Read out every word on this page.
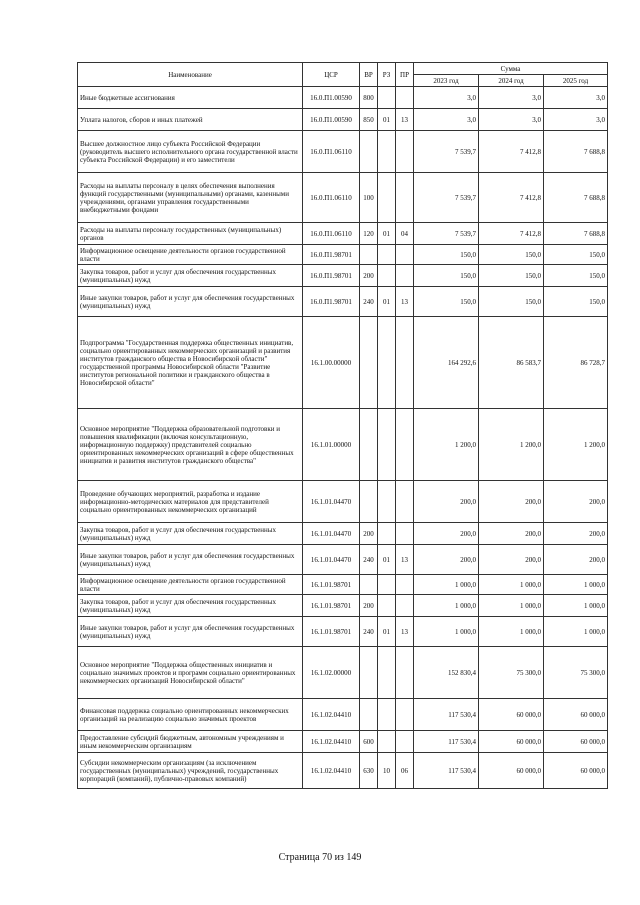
Наименование	ЦСР	ВР	РЗ	ПР	Сумма		
					2023 год	2024 год	2025 год
Иные бюджетные ассигнования	16.0.П1.00590	800			3,0	3,0	3,0
Уплата налогов, сборов и иных платежей	16.0.П1.00590	850	01	13	3,0	3,0	3,0
Высшее должностное лицо субъекта Российской Федерации (руководитель высшего исполнительного органа государственной власти субъекта Российской Федерации) и его заместители	16.0.П1.06110				7 539,7	7 412,8	7 688,8
Расходы на выплаты персоналу в целях обеспечения выполнения функций государственными (муниципальными) органами, казенными учреждениями, органами управления государственными внебюджетными фондами	16.0.П1.06110	100			7 539,7	7 412,8	7 688,8
Расходы на выплаты персоналу государственных (муниципальных) органов	16.0.П1.06110	120	01	04	7 539,7	7 412,8	7 688,8
Информационное освещение деятельности органов государственной власти	16.0.П1.98701				150,0	150,0	150,0
Закупка товаров, работ и услуг для обеспечения государственных (муниципальных) нужд	16.0.П1.98701	200			150,0	150,0	150,0
Иные закупки товаров, работ и услуг для обеспечения государственных (муниципальных) нужд	16.0.П1.98701	240	01	13	150,0	150,0	150,0
Подпрограмма "Государственная поддержка общественных инициатив, социально ориентированных некоммерческих организаций и развития институтов гражданского общества в Новосибирской области" государственной программы Новосибирской области "Развитие институтов региональной политики и гражданского общества в Новосибирской области"	16.1.00.00000				164 292,6	86 583,7	86 728,7
Основное мероприятие "Поддержка образовательной подготовки и повышения квалификации (включая консультационную, информационную поддержку) представителей социально ориентированных некоммерческих организаций в сфере общественных инициатив и развития институтов гражданского общества"	16.1.01.00000				1 200,0	1 200,0	1 200,0
Проведение обучающих мероприятий, разработка и издание информационно-методических материалов для представителей социально ориентированных некоммерческих организаций	16.1.01.04470				200,0	200,0	200,0
Закупка товаров, работ и услуг для обеспечения государственных (муниципальных) нужд	16.1.01.04470	200			200,0	200,0	200,0
Иные закупки товаров, работ и услуг для обеспечения государственных (муниципальных) нужд	16.1.01.04470	240	01	13	200,0	200,0	200,0
Информационное освещение деятельности органов государственной власти	16.1.01.98701				1 000,0	1 000,0	1 000,0
Закупка товаров, работ и услуг для обеспечения государственных (муниципальных) нужд	16.1.01.98701	200			1 000,0	1 000,0	1 000,0
Иные закупки товаров, работ и услуг для обеспечения государственных (муниципальных) нужд	16.1.01.98701	240	01	13	1 000,0	1 000,0	1 000,0
Основное мероприятие "Поддержка общественных инициатив и социально значимых проектов и программ социально ориентированных некоммерческих организаций Новосибирской области"	16.1.02.00000				152 830,4	75 300,0	75 300,0
Финансовая поддержка социально ориентированных некоммерческих организаций на реализацию социально значимых проектов	16.1.02.04410				117 530,4	60 000,0	60 000,0
Предоставление субсидий бюджетным, автономным учреждениям и иным некоммерческим организациям	16.1.02.04410	600			117 530,4	60 000,0	60 000,0
Субсидии некоммерческим организациям (за исключением государственных (муниципальных) учреждений, государственных корпораций (компаний), публично-правовых компаний)	16.1.02.04410	630	10	06	117 530,4	60 000,0	60 000,0
Страница 70 из 149
